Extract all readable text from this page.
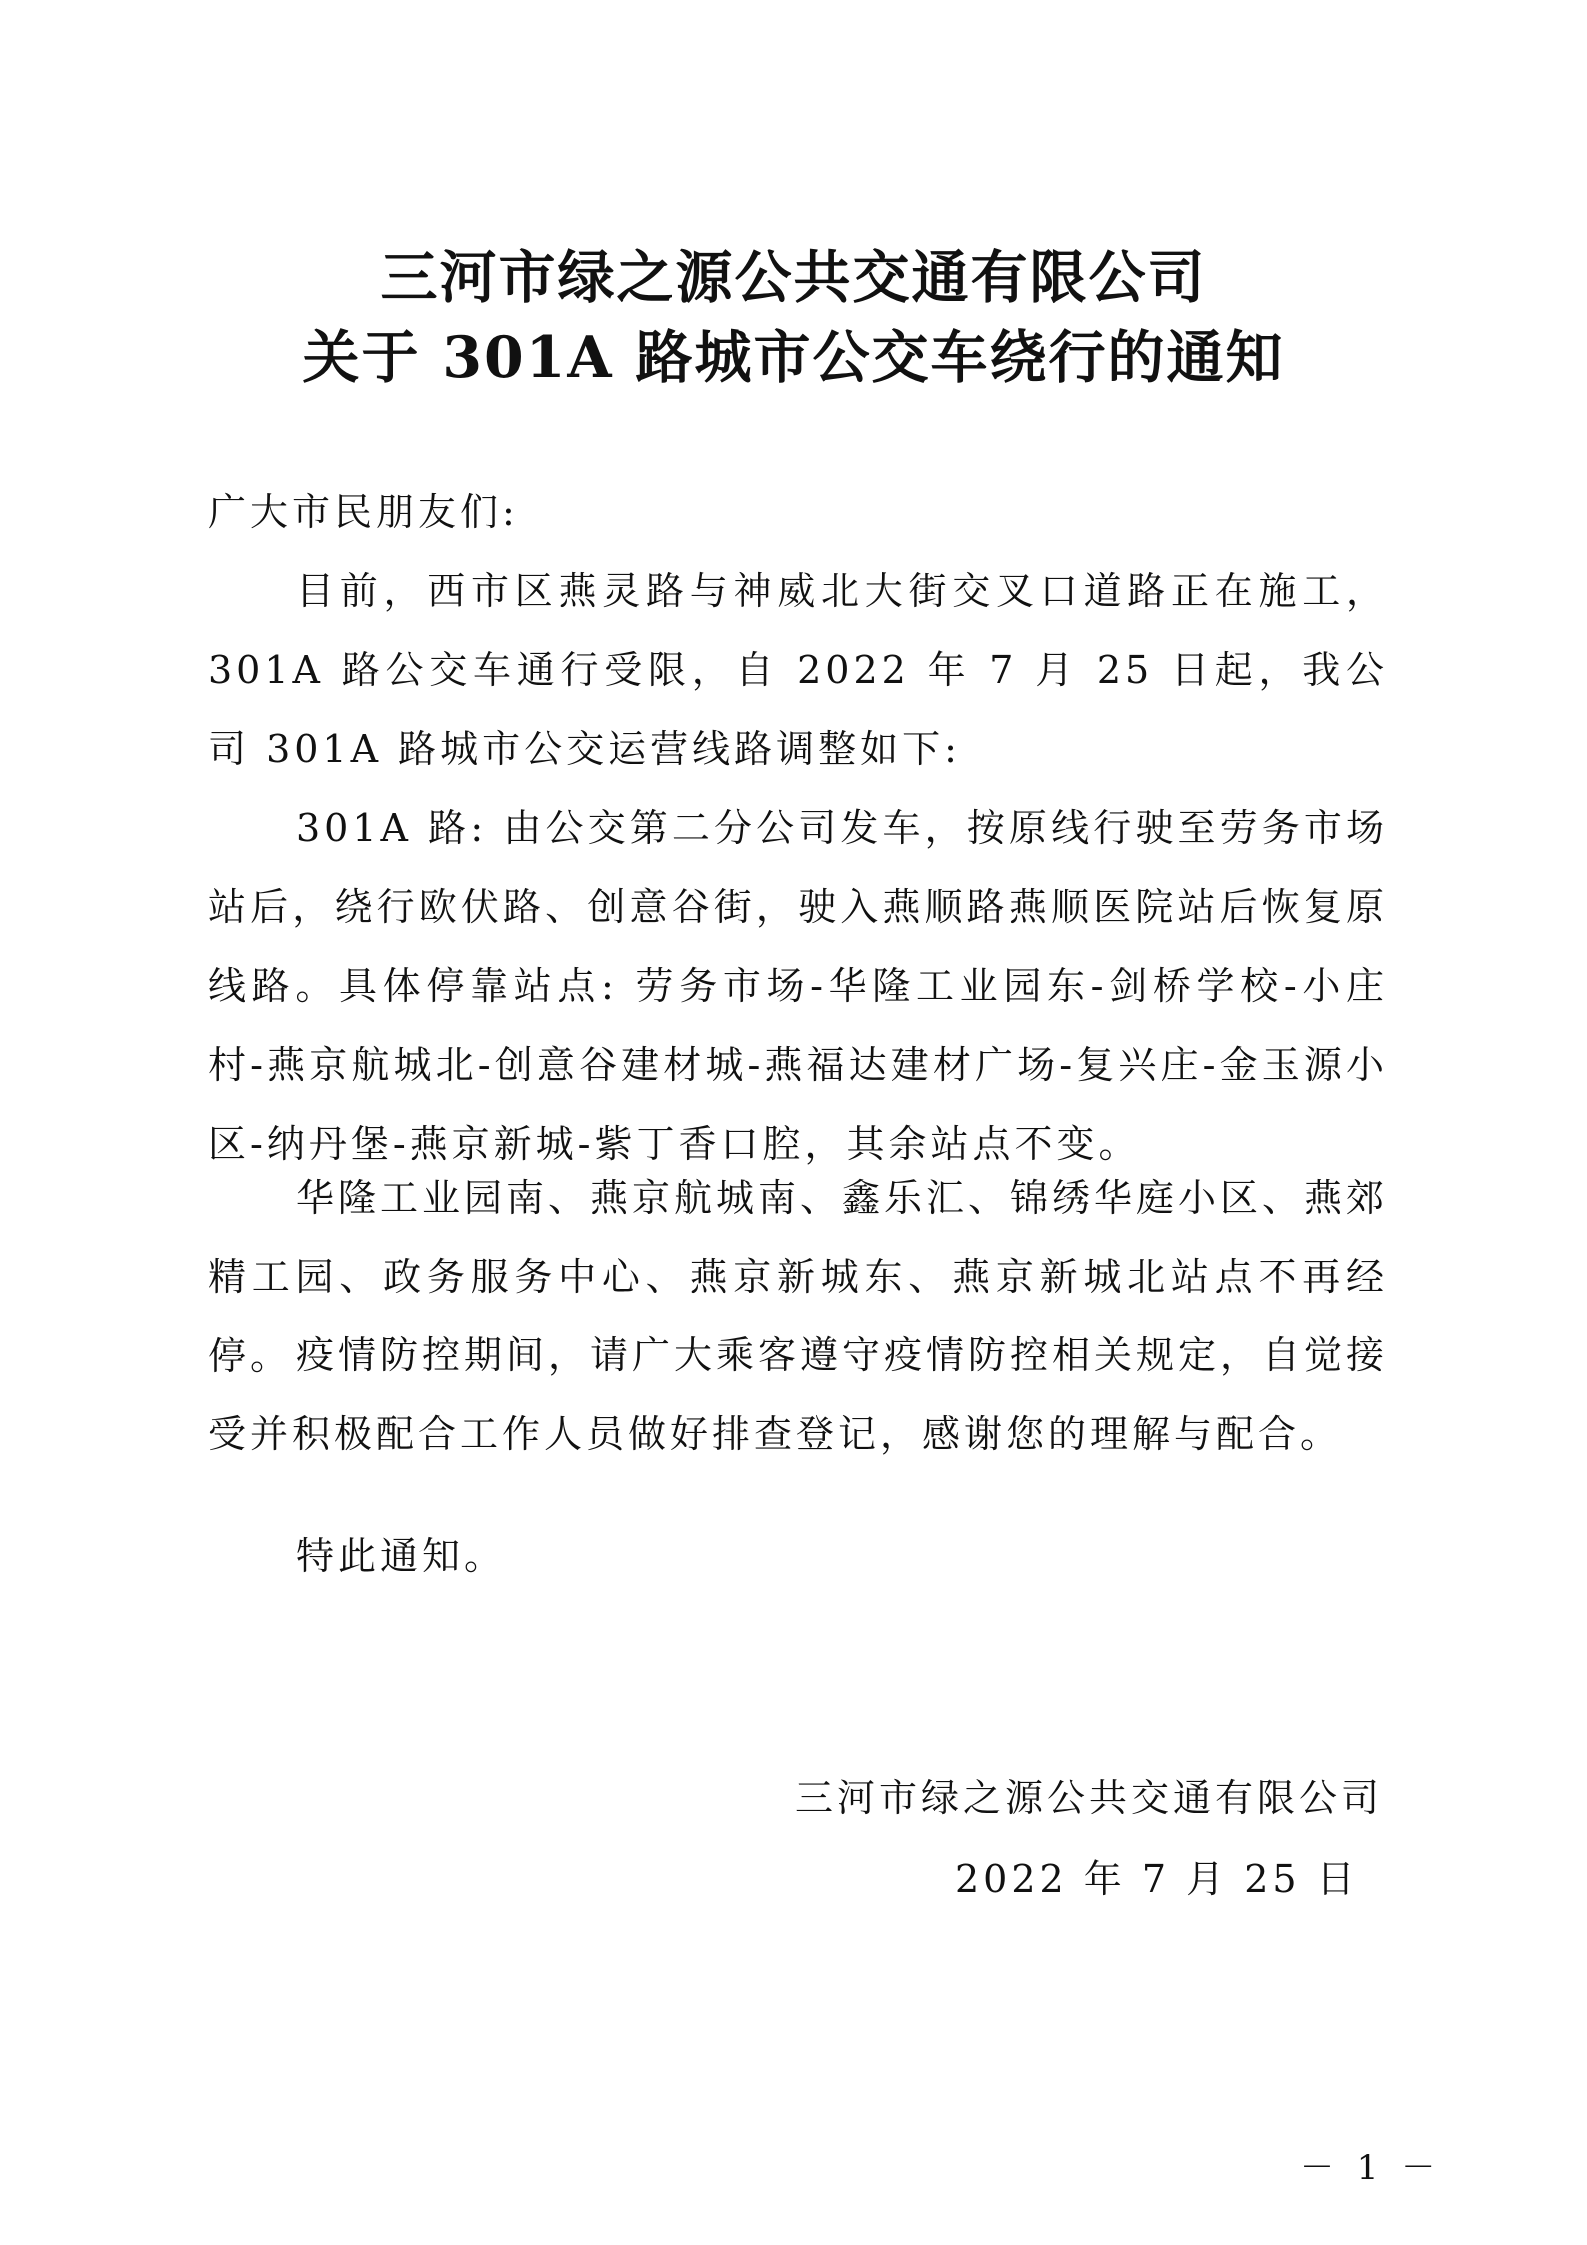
三河市绿之源公共交通有限公司
关于 301A 路城市公交车绕行的通知
广大市民朋友们:
目前，西市区燕灵路与神威北大街交叉口道路正在施工，301A 路公交车通行受限，自 2022 年 7 月 25 日起，我公司 301A 路城市公交运营线路调整如下:
301A 路: 由公交第二分公司发车，按原线行驶至劳务市场站后，绕行欧伏路、创意谷街，驶入燕顺路燕顺医院站后恢复原线路。具体停靠站点: 劳务市场-华隆工业园东-剑桥学校-小庄村-燕京航城北-创意谷建材城-燕福达建材广场-复兴庄-金玉源小区-纳丹堡-燕京新城-紫丁香口腔，其余站点不变。
华隆工业园南、燕京航城南、鑫乐汇、锦绣华庭小区、燕郊精工园、政务服务中心、燕京新城东、燕京新城北站点不再经停。 疫情防控期间，请广大乘客遵守疫情防控相关规定，自觉接受并积极配合工作人员做好排查登记，感谢您的理解与配合。
特此通知。
三河市绿之源公共交通有限公司
2022 年 7 月 25 日
－ 1 －
